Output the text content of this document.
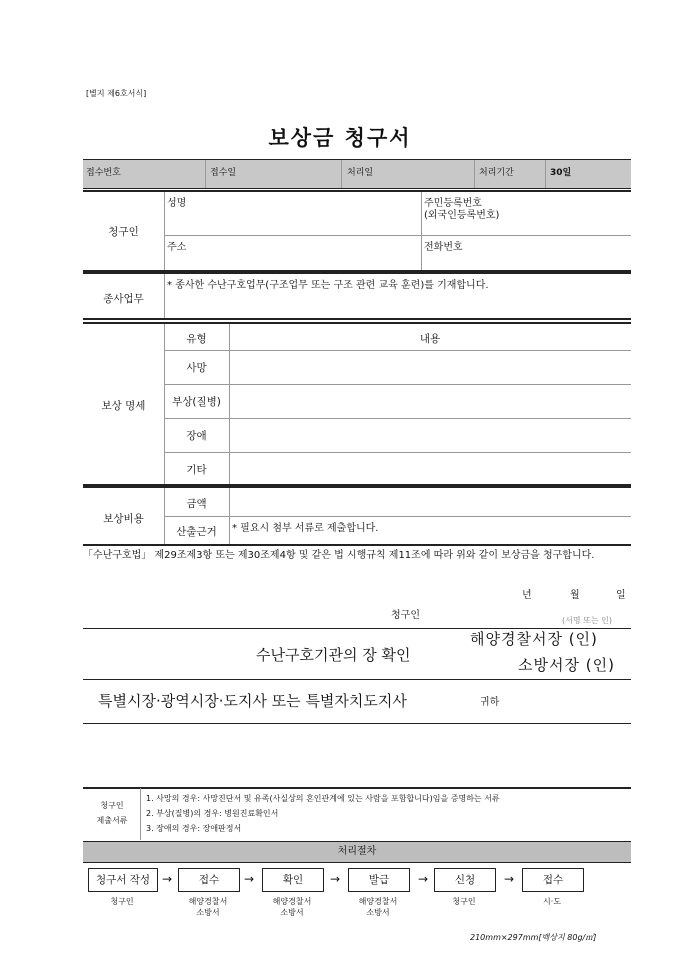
[별지 제6호서식]
보상금 청구서
접수번호	접수일	처리일	처리기간	30일
청구인
성명	주민등록번호
(외국인등록번호)
주소	전화번호
종사업무
* 종사한 수난구호업무(구조업무 또는 구조 관련 교육 훈련)를 기재합니다.
보상 명세
유형	내용
사망
부상(질병)
장애
기타
보상비용
금액
산출근거	* 필요시 첨부 서류로 제출합니다.
「수난구호법」 제29조제3항 또는 제30조제4항 및 같은 법 시행규칙 제11조에 따라 위와 같이 보상금을 청구합니다.
년	월	일
청구인	(서명 또는 인)
수난구호기관의 장 확인
해양경찰서장 (인)
소방서장 (인)
특별시장·광역시장·도지사 또는 특별자치도지사	귀하
청구인
제출서류
1. 사망의 경우: 사망진단서 및 유족(사실상의 혼인관계에 있는 사람을 포함합니다)임을 증명하는 서류
2. 부상(질병)의 경우: 병원진료확인서
3. 장애의 경우: 장애판정서
처리절차
청구서 작성 →	접수	→	확인	→	발급	→	신청	→	접수
청구인	해양경찰서
소방서
해양경찰서
소방서
해양경찰서
소방서
청구인	시·도
210mm×297mm[백상지 80g/㎡]
